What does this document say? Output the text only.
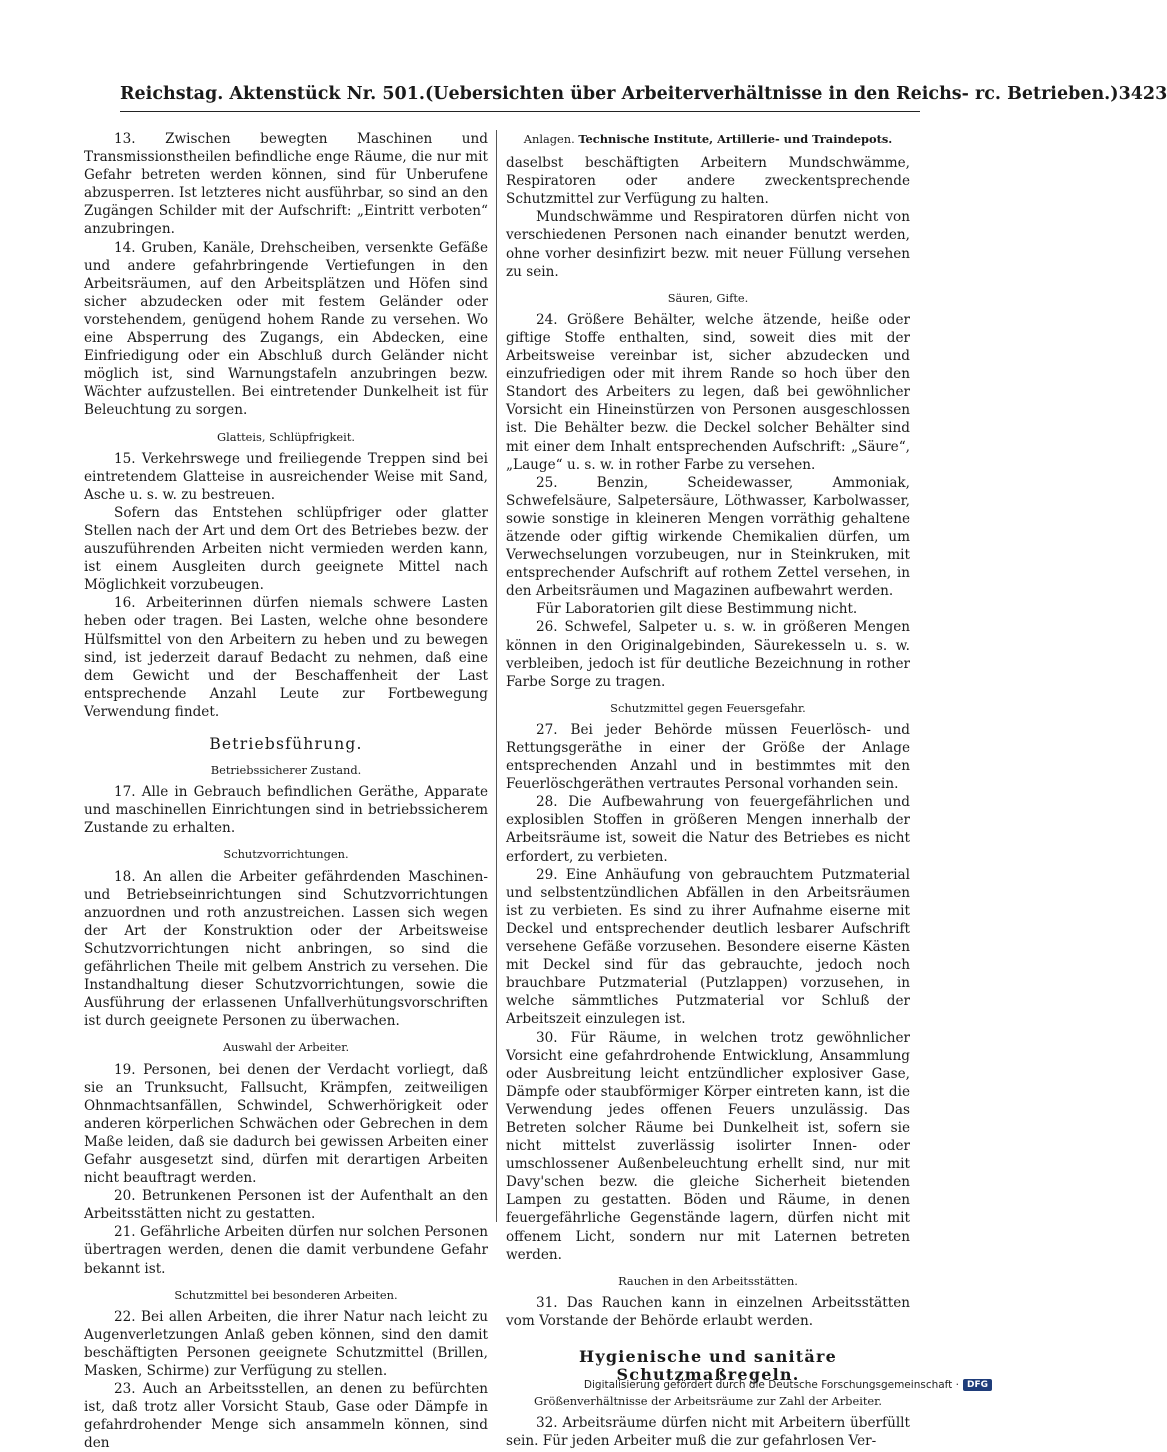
Reichstag. Aktenstück Nr. 501. (Uebersichten über Arbeiterverhältnisse in den Reichs- rc. Betrieben.) 3423

13. Zwischen bewegten Maschinen und Transmissionstheilen befindliche enge Räume, die nur mit Gefahr betreten werden können, sind für Unberufene abzusperren. Ist letzteres nicht ausführbar, so sind an den Zugängen Schilder mit der Aufschrift: „Eintritt verboten“ anzubringen.

14. Gruben, Kanäle, Drehscheiben, versenkte Gefäße und andere gefahrbringende Vertiefungen in den Arbeitsräumen, auf den Arbeitsplätzen und Höfen sind sicher abzudecken oder mit festem Geländer oder vorstehendem, genügend hohem Rande zu versehen. Wo eine Absperrung des Zugangs, ein Abdecken, eine Einfriedigung oder ein Abschluß durch Geländer nicht möglich ist, sind Warnungstafeln anzubringen bezw. Wächter aufzustellen. Bei eintretender Dunkelheit ist für Beleuchtung zu sorgen.

Glatteis, Schlüpfrigkeit.

15. Verkehrswege und freiliegende Treppen sind bei eintretendem Glatteise in ausreichender Weise mit Sand, Asche u. s. w. zu bestreuen.

Sofern das Entstehen schlüpfriger oder glatter Stellen nach der Art und dem Ort des Betriebes bezw. der auszuführenden Arbeiten nicht vermieden werden kann, ist einem Ausgleiten durch geeignete Mittel nach Möglichkeit vorzubeugen.

16. Arbeiterinnen dürfen niemals schwere Lasten heben oder tragen. Bei Lasten, welche ohne besondere Hülfsmittel von den Arbeitern zu heben und zu bewegen sind, ist jederzeit darauf Bedacht zu nehmen, daß eine dem Gewicht und der Beschaffenheit der Last entsprechende Anzahl Leute zur Fortbewegung Verwendung findet.

Betriebsführung.
Betriebssicherer Zustand.

17. Alle in Gebrauch befindlichen Geräthe, Apparate und maschinellen Einrichtungen sind in betriebssicherem Zustande zu erhalten.

Schutzvorrichtungen.

18. An allen die Arbeiter gefährdenden Maschinen- und Betriebseinrichtungen sind Schutzvorrichtungen anzuordnen und roth anzustreichen. Lassen sich wegen der Art der Konstruktion oder der Arbeitsweise Schutzvorrichtungen nicht anbringen, so sind die gefährlichen Theile mit gelbem Anstrich zu versehen. Die Instandhaltung dieser Schutzvorrichtungen, sowie die Ausführung der erlassenen Unfallverhütungsvorschriften ist durch geeignete Personen zu überwachen.

Auswahl der Arbeiter.

19. Personen, bei denen der Verdacht vorliegt, daß sie an Trunksucht, Fallsucht, Krämpfen, zeitweiligen Ohnmachtsanfällen, Schwindel, Schwerhörigkeit oder anderen körperlichen Schwächen oder Gebrechen in dem Maße leiden, daß sie dadurch bei gewissen Arbeiten einer Gefahr ausgesetzt sind, dürfen mit derartigen Arbeiten nicht beauftragt werden.

20. Betrunkenen Personen ist der Aufenthalt an den Arbeitsstätten nicht zu gestatten.

21. Gefährliche Arbeiten dürfen nur solchen Personen übertragen werden, denen die damit verbundene Gefahr bekannt ist.

Schutzmittel bei besonderen Arbeiten.

22. Bei allen Arbeiten, die ihrer Natur nach leicht zu Augenverletzungen Anlaß geben können, sind den damit beschäftigten Personen geeignete Schutzmittel (Brillen, Masken, Schirme) zur Verfügung zu stellen.

23. Auch an Arbeitsstellen, an denen zu befürchten ist, daß trotz aller Vorsicht Staub, Gase oder Dämpfe in gefahrdrohender Menge sich ansammeln können, sind den

Anlagen. Technische Institute, Artillerie- und Traindepots.

daselbst beschäftigten Arbeitern Mundschwämme, Respiratoren oder andere zweckentsprechende Schutzmittel zur Verfügung zu halten.

Mundschwämme und Respiratoren dürfen nicht von verschiedenen Personen nach einander benutzt werden, ohne vorher desinfizirt bezw. mit neuer Füllung versehen zu sein.

Säuren, Gifte.

24. Größere Behälter, welche ätzende, heiße oder giftige Stoffe enthalten, sind, soweit dies mit der Arbeitsweise vereinbar ist, sicher abzudecken und einzufriedigen oder mit ihrem Rande so hoch über den Standort des Arbeiters zu legen, daß bei gewöhnlicher Vorsicht ein Hineinstürzen von Personen ausgeschlossen ist. Die Behälter bezw. die Deckel solcher Behälter sind mit einer dem Inhalt entsprechenden Aufschrift: „Säure“, „Lauge“ u. s. w. in rother Farbe zu versehen.

25. Benzin, Scheidewasser, Ammoniak, Schwefelsäure, Salpetersäure, Löthwasser, Karbolwasser, sowie sonstige in kleineren Mengen vorräthig gehaltene ätzende oder giftig wirkende Chemikalien dürfen, um Verwechselungen vorzubeugen, nur in Steinkruken, mit entsprechender Aufschrift auf rothem Zettel versehen, in den Arbeitsräumen und Magazinen aufbewahrt werden.

Für Laboratorien gilt diese Bestimmung nicht.

26. Schwefel, Salpeter u. s. w. in größeren Mengen können in den Originalgebinden, Säurekesseln u. s. w. verbleiben, jedoch ist für deutliche Bezeichnung in rother Farbe Sorge zu tragen.

Schutzmittel gegen Feuersgefahr.

27. Bei jeder Behörde müssen Feuerlösch- und Rettungsgeräthe in einer der Größe der Anlage entsprechenden Anzahl und in bestimmtes mit den Feuerlöschgeräthen vertrautes Personal vorhanden sein.

28. Die Aufbewahrung von feuergefährlichen und explosiblen Stoffen in größeren Mengen innerhalb der Arbeitsräume ist, soweit die Natur des Betriebes es nicht erfordert, zu verbieten.

29. Eine Anhäufung von gebrauchtem Putzmaterial und selbstentzündlichen Abfällen in den Arbeitsräumen ist zu verbieten. Es sind zu ihrer Aufnahme eiserne mit Deckel und entsprechender deutlich lesbarer Aufschrift versehene Gefäße vorzusehen. Besondere eiserne Kästen mit Deckel sind für das gebrauchte, jedoch noch brauchbare Putzmaterial (Putzlappen) vorzusehen, in welche sämmtliches Putzmaterial vor Schluß der Arbeitszeit einzulegen ist.

30. Für Räume, in welchen trotz gewöhnlicher Vorsicht eine gefahrdrohende Entwicklung, Ansammlung oder Ausbreitung leicht entzündlicher explosiver Gase, Dämpfe oder staubförmiger Körper eintreten kann, ist die Verwendung jedes offenen Feuers unzulässig. Das Betreten solcher Räume bei Dunkelheit ist, sofern sie nicht mittelst zuverlässig isolirter Innen- oder umschlossener Außenbeleuchtung erhellt sind, nur mit Davy'schen bezw. die gleiche Sicherheit bietenden Lampen zu gestatten. Böden und Räume, in denen feuergefährliche Gegenstände lagern, dürfen nicht mit offenem Licht, sondern nur mit Laternen betreten werden.

Rauchen in den Arbeitsstätten.

31. Das Rauchen kann in einzelnen Arbeitsstätten vom Vorstande der Behörde erlaubt werden.

Hygienische und sanitäre Schutzmaßregeln.
Größenverhältnisse der Arbeitsräume zur Zahl der Arbeiter.

32. Arbeitsräume dürfen nicht mit Arbeitern überfüllt sein. Für jeden Arbeiter muß die zur gefahrlosen Ver-

Digitalisierung gefördert durch die Deutsche Forschungsgemeinschaft · DFG
